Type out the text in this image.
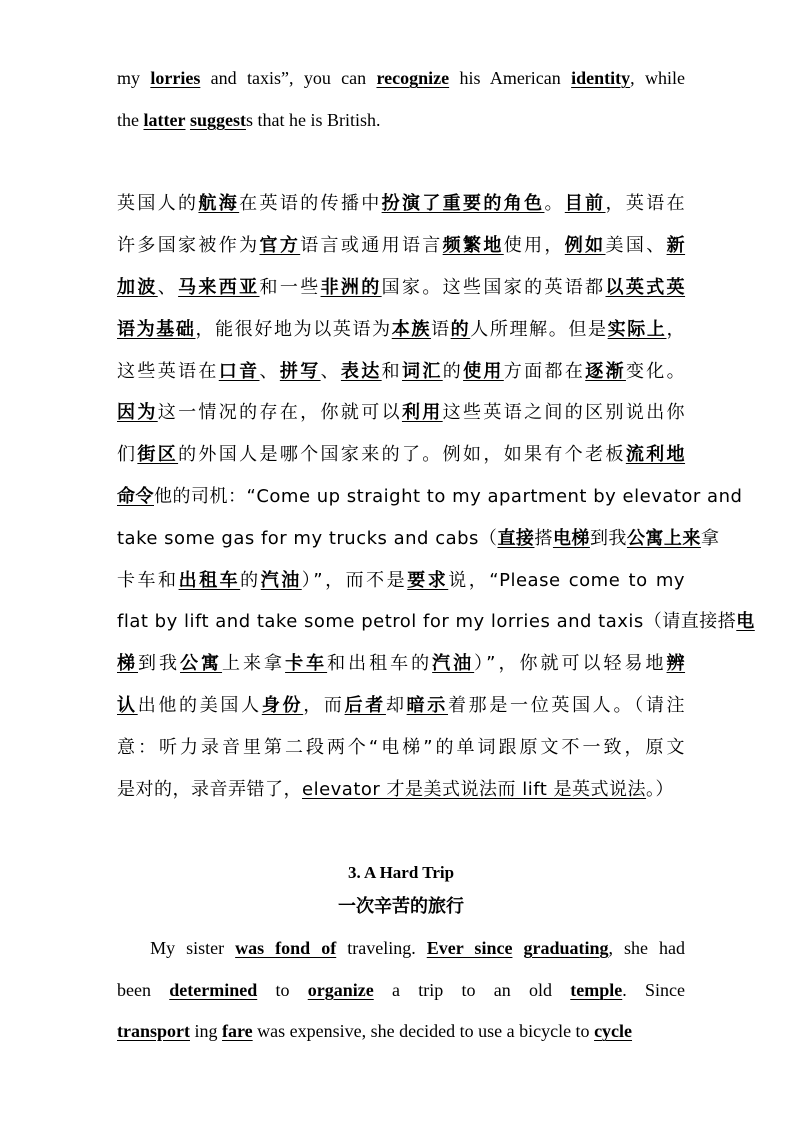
my lorries and taxis”, you can recognize his American identity, while
the latter suggests that he is British.
英国人的航海在英语的传播中扮演了重要的角色。目前，英语在
许多国家被作为官方语言或通用语言频繁地使用，例如美国、新
加波、马来西亚和一些非洲的国家。这些国家的英语都以英式英
语为基础，能很好地为以英语为本族语的人所理解。但是实际上，
这些英语在口音、拼写、表达和词汇的使用方面都在逐渐变化。
因为这一情况的存在，你就可以利用这些英语之间的区别说出你
们街区的外国人是哪个国家来的了。例如，如果有个老板流利地
命令他的司机：“Come up straight to my apartment by elevator and
take some gas for my trucks and cabs（直接搭电梯到我公寓上来拿
卡车和出租车的汽油）”，而不是要求说，“Please come to my
flat by lift and take some petrol for my lorries and taxis（请直接搭电
梯到我公寓上来拿卡车和出租车的汽油）”，你就可以轻易地辨
认出他的美国人身份，而后者却暗示着那是一位英国人。（请注
意：听力录音里第二段两个“电梯”的单词跟原文不一致，原文
是对的，录音弄错了，elevator 才是美式说法而 lift 是英式说法。）
3. A Hard Trip
一次辛苦的旅行
My sister was fond of traveling. Ever since graduating, she had
been determined to organize a trip to an old temple. Since
transport ing fare was expensive, she decided to use a bicycle to cycle
